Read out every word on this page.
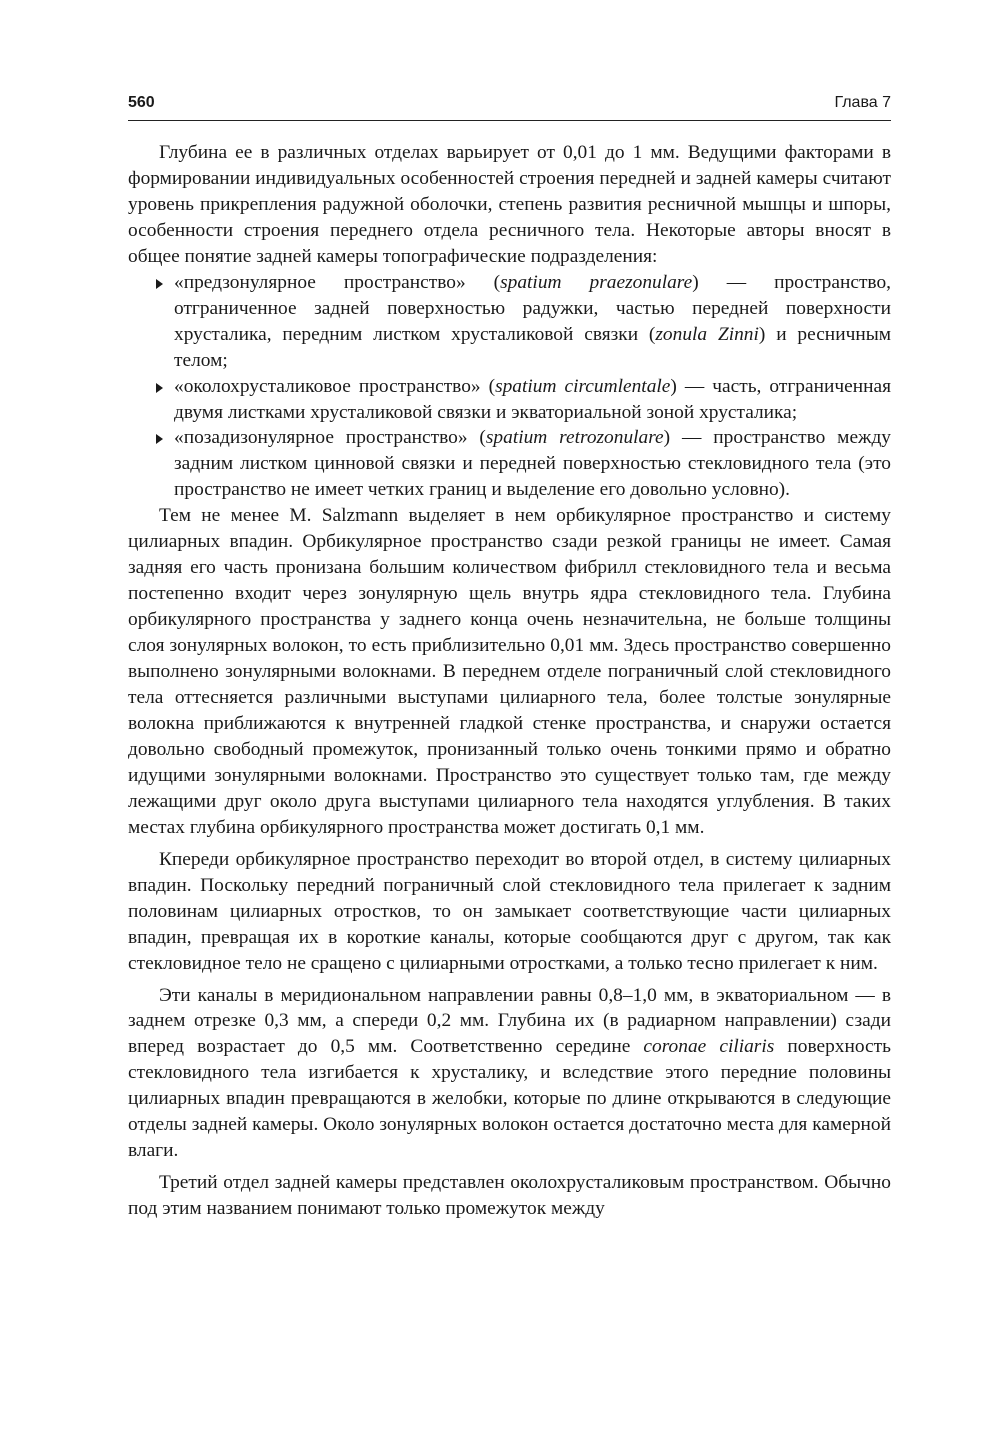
560	Глава 7

Глубина ее в различных отделах варьирует от 0,01 до 1 мм. Ведущими факторами в формировании индивидуальных особенностей строения передней и задней камеры считают уровень прикрепления радужной оболочки, степень развития ресничной мышцы и шпоры, особенности строения переднего отдела ресничного тела. Некоторые авторы вносят в общее понятие задней камеры топографические подразделения:

«предзонулярное пространство» (spatium praezonulare) — пространство, отграниченное задней поверхностью радужки, частью передней поверхности хрусталика, передним листком хрусталиковой связки (zonula Zinni) и ресничным телом;
«околохрусталиковое пространство» (spatium circumlentale) — часть, отграниченная двумя листками хрусталиковой связки и экваториальной зоной хрусталика;
«позадизонулярное пространство» (spatium retrozonulare) — пространство между задним листком цинновой связки и передней поверхностью стекловидного тела (это пространство не имеет четких границ и выделение его довольно условно).

Тем не менее M. Salzmann выделяет в нем орбикулярное пространство и систему цилиарных впадин. Орбикулярное пространство сзади резкой границы не имеет. Самая задняя его часть пронизана большим количеством фибрилл стекловидного тела и весьма постепенно входит через зонулярную щель внутрь ядра стекловидного тела. Глубина орбикулярного пространства у заднего конца очень незначительна, не больше толщины слоя зонулярных волокон, то есть приблизительно 0,01 мм. Здесь пространство совершенно выполнено зонулярными волокнами. В переднем отделе пограничный слой стекловидного тела оттесняется различными выступами цилиарного тела, более толстые зонулярные волокна приближаются к внутренней гладкой стенке пространства, и снаружи остается довольно свободный промежуток, пронизанный только очень тонкими прямо и обратно идущими зонулярными волокнами. Пространство это существует только там, где между лежащими друг около друга выступами цилиарного тела находятся углубления. В таких местах глубина орбикулярного пространства может достигать 0,1 мм.

Кпереди орбикулярное пространство переходит во второй отдел, в систему цилиарных впадин. Поскольку передний пограничный слой стекловидного тела прилегает к задним половинам цилиарных отростков, то он замыкает соответствующие части цилиарных впадин, превращая их в короткие каналы, которые сообщаются друг с другом, так как стекловидное тело не сращено с цилиарными отростками, а только тесно прилегает к ним.

Эти каналы в меридиональном направлении равны 0,8–1,0 мм, в экваториальном — в заднем отрезке 0,3 мм, а спереди 0,2 мм. Глубина их (в радиарном направлении) сзади вперед возрастает до 0,5 мм. Соответственно середине coronae ciliaris поверхность стекловидного тела изгибается к хрусталику, и вследствие этого передние половины цилиарных впадин превращаются в желобки, которые по длине открываются в следующие отделы задней камеры. Около зонулярных волокон остается достаточно места для камерной влаги.

Третий отдел задней камеры представлен околохрусталиковым пространством. Обычно под этим названием понимают только промежуток между
